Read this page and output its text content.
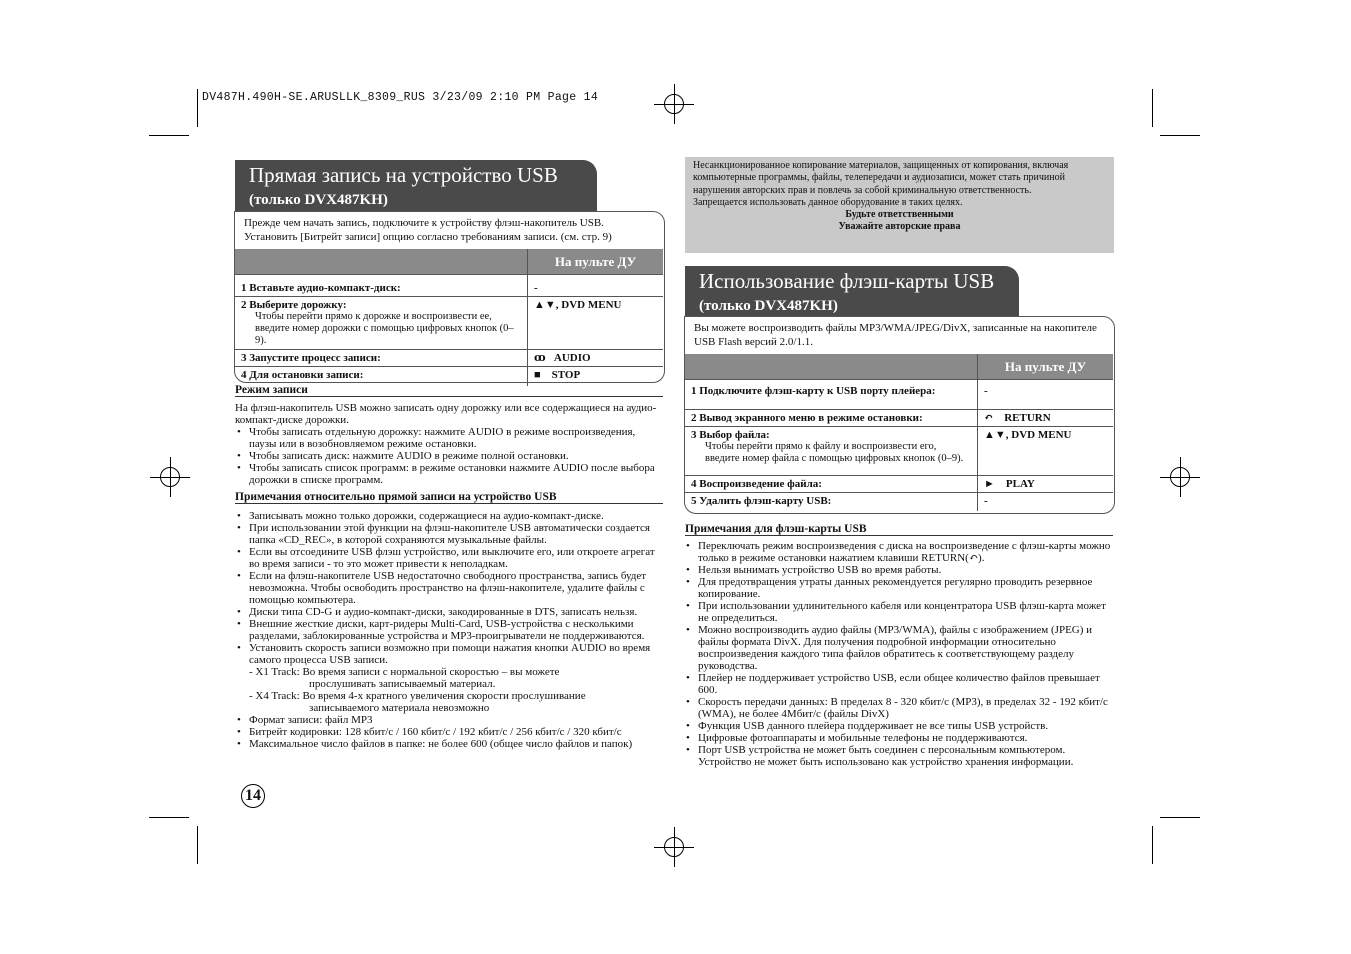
DV487H.490H-SE.ARUSLLK_8309_RUS 3/23/09 2:10 PM Page 14
Прямая запись на устройство USB
(только DVX487KH)
Прежде чем начать запись, подключите к устройству флэш-накопитель USB.
Установить [Битрейт записи] опцию согласно требованиям записи. (см. стр. 9)
	На пульте ДУ
1 Вставьте аудио-компакт-диск:	-

2 Выберите дорожку:
Чтобы перейти прямо к дорожке и воспроизвести ее, введите номер дорожки с помощью цифровых кнопок (0–9).	▲▼, DVD MENU
3 Запустите процесс записи:	ꝏ AUDIO
4 Для остановки записи:	■ STOP
Режим записи
На флэш-накопитель USB можно записать одну дорожку или все содержащиеся на аудио-компакт-диске дорожки.
• Чтобы записать отдельную дорожку: нажмите AUDIO в режиме воспроизведения, паузы или в возобновляемом режиме остановки.
• Чтобы записать диск: нажмите AUDIO в режиме полной остановки.
• Чтобы записать список программ: в режиме остановки нажмите AUDIO после выбора дорожки в списке программ.
Примечания относительно прямой записи на устройство USB
• Записывать можно только дорожки, содержащиеся на аудио-компакт-диске.
• При использовании этой функции на флэш-накопителе USB автоматически создается папка «CD_REC», в которой сохраняются музыкальные файлы.
• Если вы отсоедините USB флэш устройство, или выключите его, или откроете агрегат во время записи - то это может привести к неполадкам.
• Если на флэш-накопителе USB недостаточно свободного пространства, запись будет невозможна. Чтобы освободить пространство на флэш-накопителе, удалите файлы с помощью компьютера.
• Диски типа CD-G и аудио-компакт-диски, закодированные в DTS, записать нельзя.
• Внешние жесткие диски, карт-ридеры Multi-Card, USB-устройства с несколькими разделами, заблокированные устройства и MP3-проигрыватели не поддерживаются.
• Установить скорость записи возможно при помощи нажатия кнопки AUDIO во время самого процесса USB записи.
- X1 Track: Во время записи с нормальной скоростью – вы можете
прослушивать записываемый материал.
- X4 Track: Во время 4-х кратного увеличения скорости прослушивание
записываемого материала невозможно
• Формат записи: файл MP3
• Битрейт кодировки: 128 кбит/с / 160 кбит/с / 192 кбит/с / 256 кбит/с / 320 кбит/с
• Максимальное число файлов в папке: не более 600 (общее число файлов и папок)
14
Несанкционированное копирование материалов, защищенных от копирования, включая компьютерные программы, файлы, телепередачи и аудиозаписи, может стать причиной нарушения авторских прав и повлечь за собой криминальную ответственность.
Запрещается использовать данное оборудование в таких целях.
Будьте ответственными
Уважайте авторские права
Использование флэш-карты USB
(только DVX487KH)
Вы можете воспроизводить файлы MP3/WMA/JPEG/DivX, записанные на накопителе USB Flash версий 2.0/1.1.
	На пульте ДУ
1 Подключите флэш-карту к USB порту плейера:	-
2 Вывод экранного меню в режиме остановки:	↶ RETURN

3 Выбор файла:
Чтобы перейти прямо к файлу и воспроизвести его, введите номер файла с помощью цифровых кнопок (0–9).	▲▼, DVD MENU
4 Воспроизведение файла:	► PLAY
5 Удалить флэш-карту USB:	-
Примечания для флэш-карты USB
• Переключать режим воспроизведения с диска на воспроизведение с флэш-карты можно только в режиме остановки нажатием клавиши RETURN(↶).
• Нельзя вынимать устройство USB во время работы.
• Для предотвращения утраты данных рекомендуется регулярно проводить резервное копирование.
• При использовании удлинительного кабеля или концентратора USB флэш-карта может не определиться.
• Можно воспроизводить аудио файлы (MP3/WMA), файлы с изображением (JPEG) и файлы формата DivX. Для получения подробной информации относительно воспроизведения каждого типа файлов обратитесь к соответствующему разделу руководства.
• Плейер не поддерживает устройство USB, если общее количество файлов превышает 600.
• Скорость передачи данных: В пределах 8 - 320 кбит/с (MP3), в пределах 32 - 192 кбит/с (WMA), не более 4Мбит/с (файлы DivX)
• Функция USB данного плейера поддерживает не все типы USB устройств.
• Цифровые фотоаппараты и мобильные телефоны не поддерживаются.
• Порт USB устройства не может быть соединен с персональным компьютером. Устройство не может быть использовано как устройство хранения информации.
